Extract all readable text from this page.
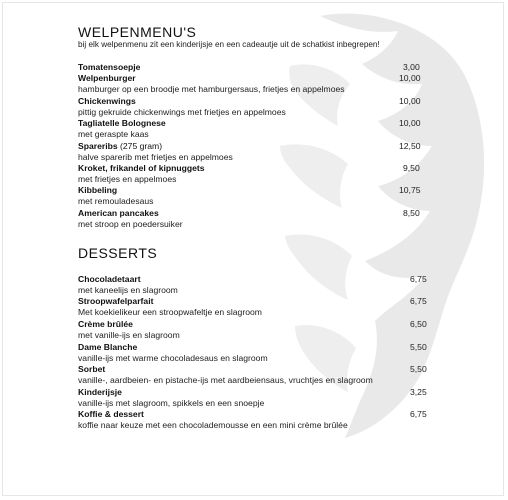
WELPENMENU'S
bij elk welpenmenu zit een kinderijsje en een cadeautje uit de schatkist inbegrepen!
Tomatensoepje	3,00
Welpenburger
hamburger op een broodje met hamburgersaus, frietjes en appelmoes
10,00
Chickenwings
pittig gekruide chickenwings met frietjes en appelmoes
10,00
Tagliatelle Bolognese
met geraspte kaas
10,00
Spareribs (275 gram)
halve sparerib met frietjes en appelmoes
12,50
Kroket, frikandel of kipnuggets
met frietjes en appelmoes
9,50
Kibbeling
met remouladesaus
10,75
American pancakes
met stroop en poedersuiker
8,50
DESSERTS
Chocoladetaart
met kaneelijs en slagroom
6,75
Stroopwafelparfait
Met koekielikeur een stroopwafeltje en slagroom
6,75
Crème brûlée
met vanille-ijs en slagroom
6,50
Dame Blanche
vanille-ijs met warme chocoladesaus en slagroom
5,50
Sorbet
vanille-, aardbeien- en pistache-ijs met aardbeiensaus, vruchtjes en slagroom
5,50
Kinderijsje
vanille-ijs met slagroom, spikkels en een snoepje
3,25
Koffie & dessert
koffie naar keuze met een chocolademousse en een mini crème brûlée
6,75
